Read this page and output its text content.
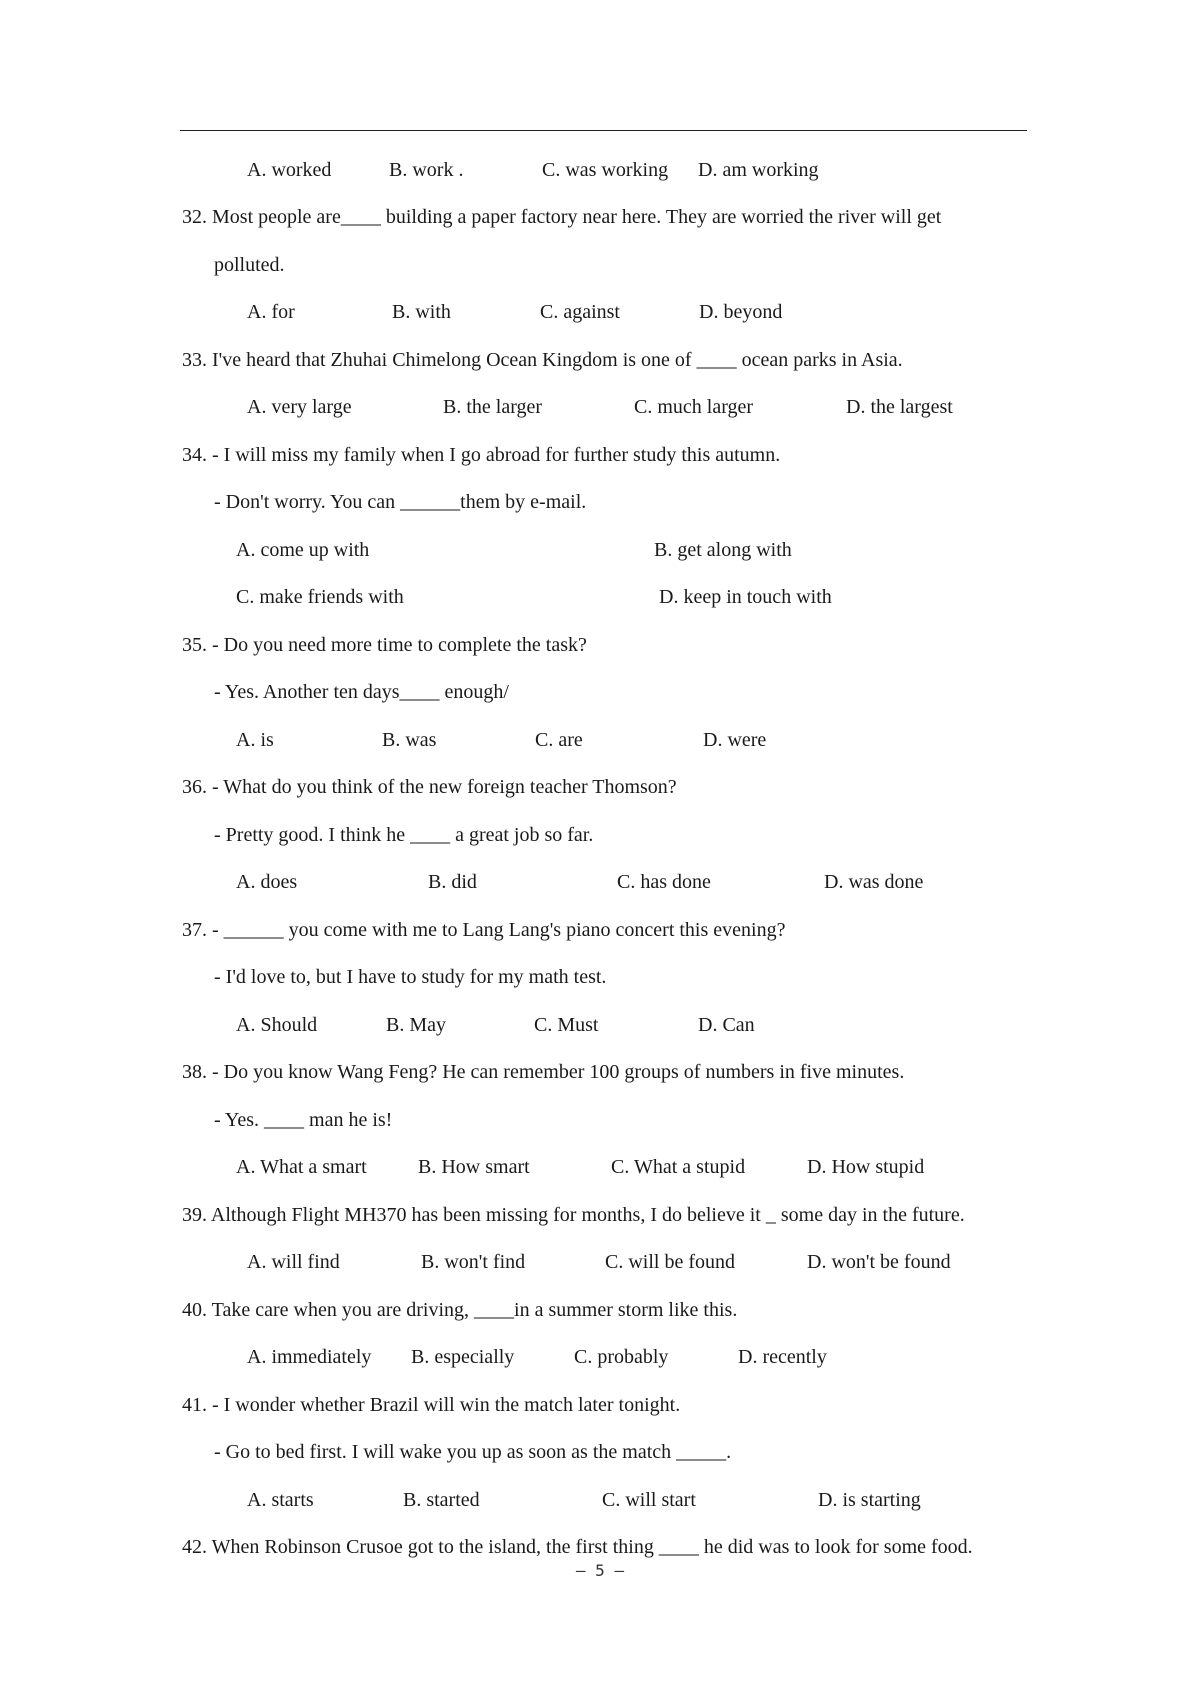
A. worked	B. work .	C. was working D. am working
32. Most people are____ building a paper factory near here. They are worried the river will get
polluted.
A. for	B. with	C. against	D. beyond
33. I've heard that Zhuhai Chimelong Ocean Kingdom is one of ____ ocean parks in Asia.
A. very large	B. the larger	C. much larger	D. the largest
34. - I will miss my family when I go abroad for further study this autumn.
- Don't worry. You can ______them by e-mail.
A. come up with	B. get along with
C. make friends with	D. keep in touch with
35. - Do you need more time to complete the task?
- Yes. Another ten days____ enough/
A. is	B. was	C. are	D. were
36. - What do you think of the new foreign teacher Thomson?
- Pretty good. I think he ____ a great job so far.
A. does	B. did	C. has done	D. was done
37. - ______ you come with me to Lang Lang's piano concert this evening?
- I'd love to, but I have to study for my math test.
A. Should	B. May	C. Must	D. Can
38. - Do you know Wang Feng? He can remember 100 groups of numbers in five minutes.
- Yes. ____ man he is!
A. What a smart	B. How smart	C. What a stupid	D. How stupid
39. Although Flight MH370 has been missing for months, I do believe it _ some day in the future.
A. will find	B. won't find	C. will be found	D. won't be found
40. Take care when you are driving, ____in a summer storm like this.
A. immediately B. especially	C. probably	D. recently
41. - I wonder whether Brazil will win the match later tonight.
- Go to bed first. I will wake you up as soon as the match _____.
A. starts	B. started	C. will start	D. is starting
42. When Robinson Crusoe got to the island, the first thing ____ he did was to look for some food.
– 5 –
